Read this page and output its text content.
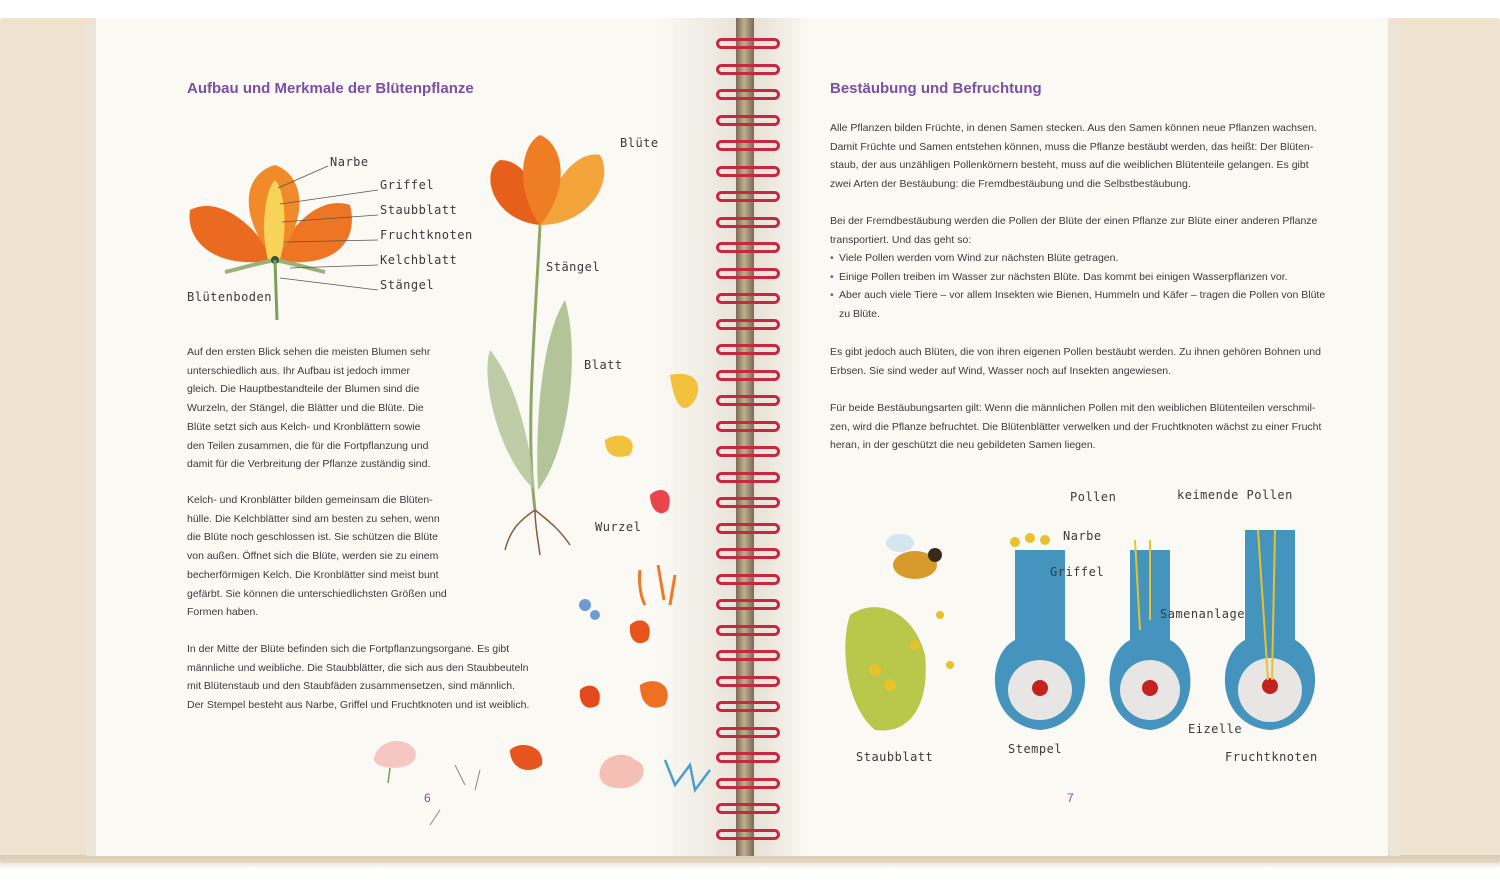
Aufbau und Merkmale der Blütenpflanze
Narbe
Griffel
Staubblatt
Fruchtknoten
Kelchblatt
Stängel
Blütenboden
Blüte
Stängel
Blatt
Wurzel

Auf den ersten Blick sehen die meisten Blumen sehr
unterschiedlich aus. Ihr Aufbau ist jedoch immer
gleich. Die Hauptbestandteile der Blumen sind die
Wurzeln, der Stängel, die Blätter und die Blüte. Die
Blüte setzt sich aus Kelch- und Kronblättern sowie
den Teilen zusammen, die für die Fortpflanzung und
damit für die Verbreitung der Pflanze zuständig sind.

Kelch- und Kronblätter bilden gemeinsam die Blüten-
hülle. Die Kelchblätter sind am besten zu sehen, wenn
die Blüte noch geschlossen ist. Sie schützen die Blüte
von außen. Öffnet sich die Blüte, werden sie zu einem
becherförmigen Kelch. Die Kronblätter sind meist bunt
gefärbt. Sie können die unterschiedlichsten Größen und
Formen haben.

In der Mitte der Blüte befinden sich die Fortpflanzungsorgane. Es gibt
männliche und weibliche. Die Staubblätter, die sich aus den Staubbeuteln
mit Blütenstaub und den Staubfäden zusammensetzen, sind männlich.
Der Stempel besteht aus Narbe, Griffel und Fruchtknoten und ist weiblich.

6
Bestäubung und Befruchtung

Alle Pflanzen bilden Früchte, in denen Samen stecken. Aus den Samen können neue Pflanzen wachsen.
Damit Früchte und Samen entstehen können, muss die Pflanze bestäubt werden, das heißt: Der Blüten-
staub, der aus unzähligen Pollenkörnern besteht, muss auf die weiblichen Blütenteile gelangen. Es gibt
zwei Arten der Bestäubung: die Fremdbestäubung und die Selbstbestäubung.

Bei der Fremdbestäubung werden die Pollen der Blüte der einen Pflanze zur Blüte einer anderen Pflanze
transportiert. Und das geht so:

• Viele Pollen werden vom Wind zur nächsten Blüte getragen.
• Einige Pollen treiben im Wasser zur nächsten Blüte. Das kommt bei einigen Wasserpflanzen vor.
• Aber auch viele Tiere – vor allem Insekten wie Bienen, Hummeln und Käfer – tragen die Pollen von Blüte

zu Blüte.

Es gibt jedoch auch Blüten, die von ihren eigenen Pollen bestäubt werden. Zu ihnen gehören Bohnen und
Erbsen. Sie sind weder auf Wind, Wasser noch auf Insekten angewiesen.

Für beide Bestäubungsarten gilt: Wenn die männlichen Pollen mit den weiblichen Blütenteilen verschmil-
zen, wird die Pflanze befruchtet. Die Blütenblätter verwelken und der Fruchtknoten wächst zu einer Frucht
heran, in der geschützt die neu gebildeten Samen liegen.

Pollen	keimende Pollen
Narbe
Griffel
Samenanlage
Eizelle
Staubblatt
Stempel
Fruchtknoten
7
